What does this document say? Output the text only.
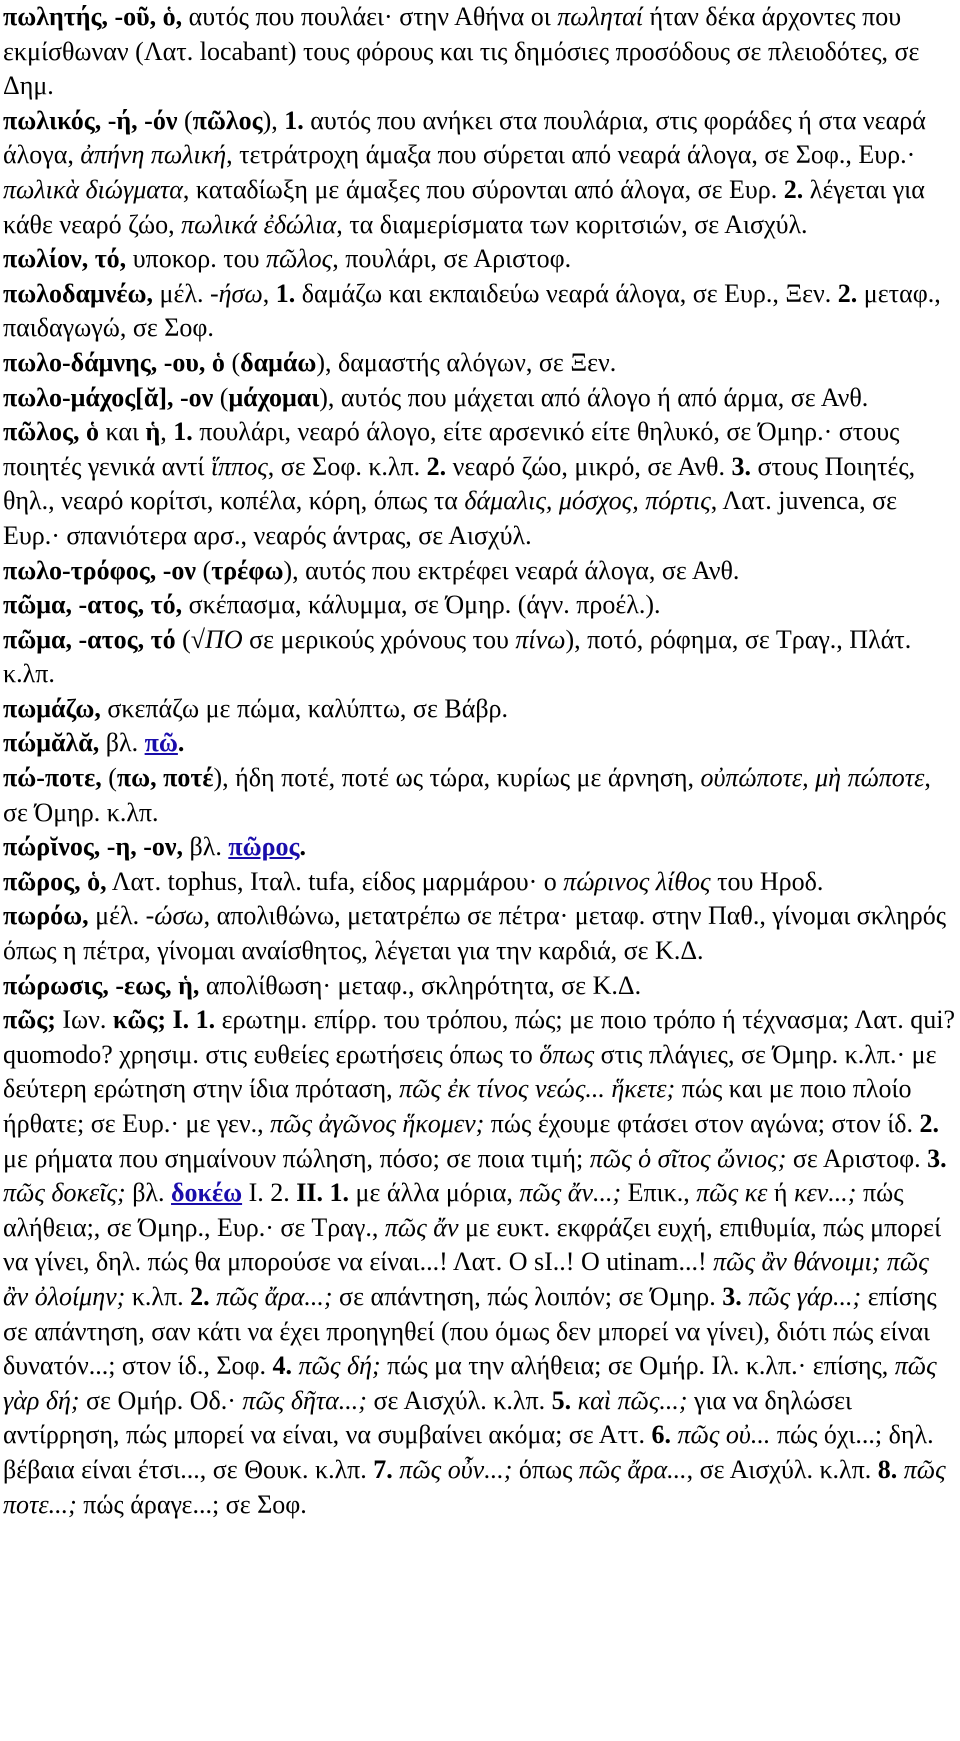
πωλητής, -οῦ, ὁ, αυτός που πουλάει· στην Αθήνα οι πωληταί ήταν δέκα άρχοντες που εκμίσθωναν (Λατ. locabant) τους φόρους και τις δημόσιες προσόδους σε πλειοδότες, σε Δημ.

πωλικός, -ή, -όν (πῶλος), 1. αυτός που ανήκει στα πουλάρια, στις φοράδες ή στα νεαρά άλογα, ἀπήνη πωλική, τετράτροχη άμαξα που σύρεται από νεαρά άλογα, σε Σοφ., Ευρ.· πωλικὰ διώγματα, καταδίωξη με άμαξες που σύρονται από άλογα, σε Ευρ. 2. λέγεται για κάθε νεαρό ζώο, πωλικά ἐδώλια, τα διαμερίσματα των κοριτσιών, σε Αισχύλ.

πωλίον, τό, υποκορ. του πῶλος, πουλάρι, σε Αριστοφ.

πωλοδαμνέω, μέλ. -ήσω, 1. δαμάζω και εκπαιδεύω νεαρά άλογα, σε Ευρ., Ξεν. 2. μεταφ., παιδαγωγώ, σε Σοφ.

πωλο-δάμνης, -ου, ὁ (δαμάω), δαμαστής αλόγων, σε Ξεν.

πωλο-μάχος[ᾰ], -ον (μάχομαι), αυτός που μάχεται από άλογο ή από άρμα, σε Ανθ.

πῶλος, ὁ και ἡ, 1. πουλάρι, νεαρό άλογο, είτε αρσενικό είτε θηλυκό, σε Όμηρ.· στους ποιητές γενικά αντί ἵππος, σε Σοφ. κ.λπ. 2. νεαρό ζώο, μικρό, σε Ανθ. 3. στους Ποιητές, θηλ., νεαρό κορίτσι, κοπέλα, κόρη, όπως τα δάμαλις, μόσχος, πόρτις, Λατ. juvenca, σε Ευρ.· σπανιότερα αρσ., νεαρός άντρας, σε Αισχύλ.

πωλο-τρόφος, -ον (τρέφω), αυτός που εκτρέφει νεαρά άλογα, σε Ανθ.

πῶμα, -ατος, τό, σκέπασμα, κάλυμμα, σε Όμηρ. (άγν. προέλ.).

πῶμα, -ατος, τό (√ΠΟ σε μερικούς χρόνους του πίνω), ποτό, ρόφημα, σε Τραγ., Πλάτ. κ.λπ.

πωμάζω, σκεπάζω με πώμα, καλύπτω, σε Βάβρ.

πώμᾰλᾰ, βλ. πῶ.

πώ-ποτε, (πω, ποτέ), ήδη ποτέ, ποτέ ως τώρα, κυρίως με άρνηση, οὐπώποτε, μὴ πώποτε, σε Όμηρ. κ.λπ.

πώρῐνος, -η, -ον, βλ. πῶρος.

πῶρος, ὁ, Λατ. tophus, Ιταλ. tufa, είδος μαρμάρου· ο πώρινος λίθος του Ηροδ.

πωρόω, μέλ. -ώσω, απολιθώνω, μετατρέπω σε πέτρα· μεταφ. στην Παθ., γίνομαι σκληρός όπως η πέτρα, γίνομαι αναίσθητος, λέγεται για την καρδιά, σε Κ.Δ.

πώρωσις, -εως, ἡ, απολίθωση· μεταφ., σκληρότητα, σε Κ.Δ.

πῶς; Ιων. κῶς; I. 1. ερωτημ. επίρρ. του τρόπου, πώς; με ποιο τρόπο ή τέχνασμα; Λατ. qui? quomodo? χρησιμ. στις ευθείες ερωτήσεις όπως το ὅπως στις πλάγιες, σε Όμηρ. κ.λπ.· με δεύτερη ερώτηση στην ίδια πρόταση, πῶς ἐκ τίνος νεώς... ἥκετε; πώς και με ποιο πλοίο ήρθατε; σε Ευρ.· με γεν., πῶς ἀγῶνος ἥκομεν; πώς έχουμε φτάσει στον αγώνα; στον ίδ. 2. με ρήματα που σημαίνουν πώληση, πόσο; σε ποια τιμή; πῶς ὁ σῖτος ὤνιος; σε Αριστοφ. 3. πῶς δοκεῖς; βλ. δοκέω I. 2. II. 1. με άλλα μόρια, πῶς ἄν...; Επικ., πῶς κε ή κεν...; πώς αλήθεια;, σε Όμηρ., Ευρ.· σε Τραγ., πῶς ἄν με ευκτ. εκφράζει ευχή, επιθυμία, πώς μπορεί να γίνει, δηλ. πώς θα μπορούσε να είναι...! Λατ. O sI..! O utinam...! πῶς ἂν θάνοιμι; πῶς ἂν ὀλοίμην; κ.λπ. 2. πῶς ἄρα...; σε απάντηση, πώς λοιπόν; σε Όμηρ. 3. πῶς γάρ...; επίσης σε απάντηση, σαν κάτι να έχει προηγηθεί (που όμως δεν μπορεί να γίνει), διότι πώς είναι δυνατόν...; στον ίδ., Σοφ. 4. πῶς δή; πώς μα την αλήθεια; σε Ομήρ. Ιλ. κ.λπ.· επίσης, πῶς γὰρ δή; σε Ομήρ. Οδ.· πῶς δῆτα...; σε Αισχύλ. κ.λπ. 5. καὶ πῶς...; για να δηλώσει αντίρρηση, πώς μπορεί να είναι, να συμβαίνει ακόμα; σε Αττ. 6. πῶς οὐ... πώς όχι...; δηλ. βέβαια είναι έτσι..., σε Θουκ. κ.λπ. 7. πῶς οὖν...; όπως πῶς ἄρα..., σε Αισχύλ. κ.λπ. 8. πῶς ποτε...; πώς άραγε...; σε Σοφ.
